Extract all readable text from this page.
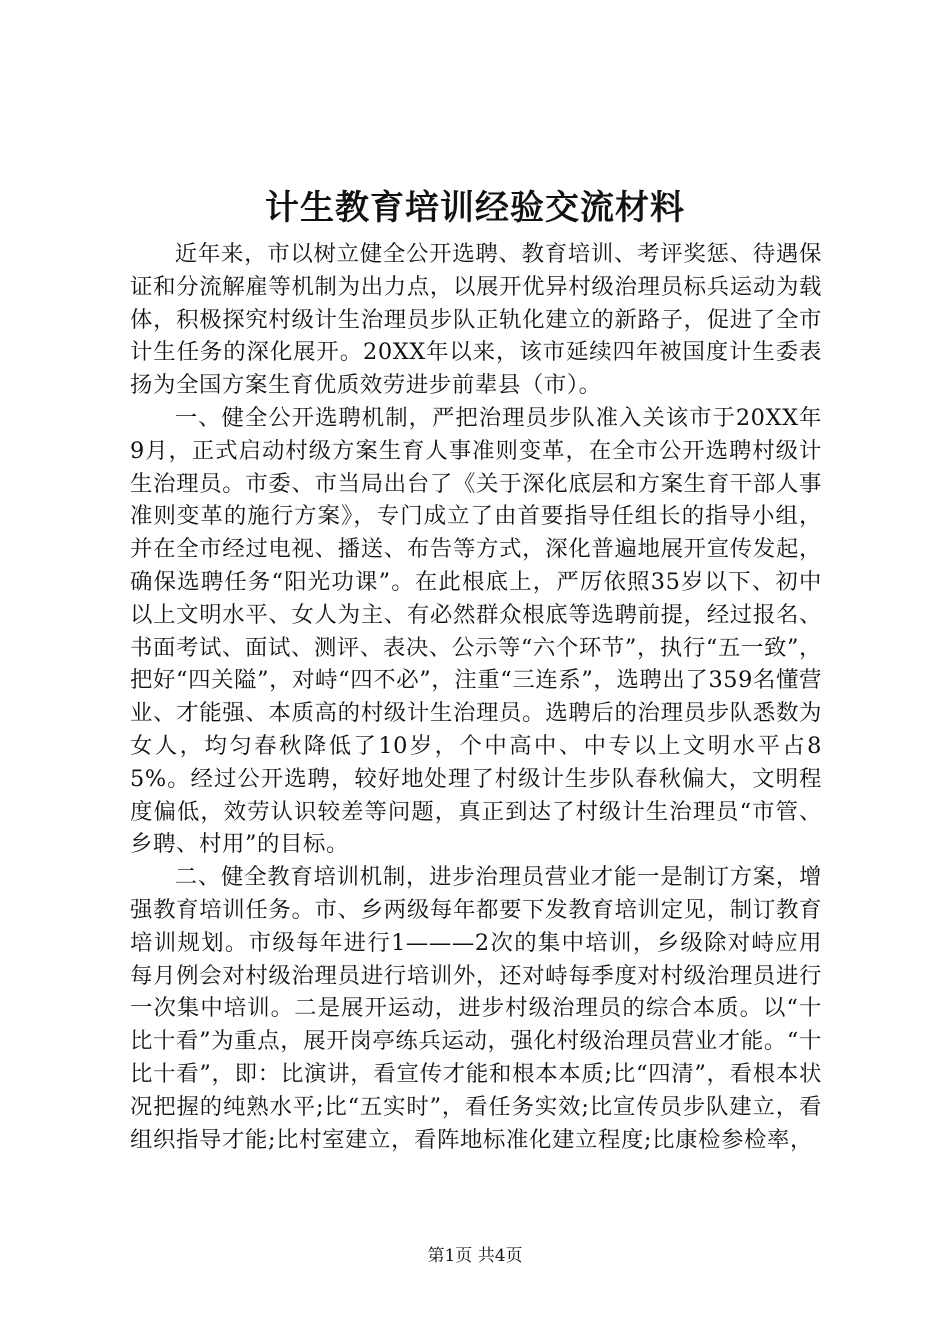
计生教育培训经验交流材料

近年来，市以树立健全公开选聘、教育培训、考评奖惩、待遇保证和分流解雇等机制为出力点，以展开优异村级治理员标兵运动为载体，积极探究村级计生治理员步队正轨化建立的新路子，促进了全市计生任务的深化展开。20XX年以来，该市延续四年被国度计生委表扬为全国方案生育优质效劳进步前辈县（市）。

一、健全公开选聘机制，严把治理员步队准入关该市于20XX年9月，正式启动村级方案生育人事准则变革，在全市公开选聘村级计生治理员。市委、市当局出台了《关于深化底层和方案生育干部人事准则变革的施行方案》，专门成立了由首要指导任组长的指导小组，并在全市经过电视、播送、布告等方式，深化普遍地展开宣传发起，确保选聘任务“阳光功课”。在此根底上，严厉依照35岁以下、初中以上文明水平、女人为主、有必然群众根底等选聘前提，经过报名、书面考试、面试、测评、表决、公示等“六个环节”，执行“五一致”，把好“四关隘”，对峙“四不必”，注重“三连系”，选聘出了359名懂营业、才能强、本质高的村级计生治理员。选聘后的治理员步队悉数为女人，均匀春秋降低了10岁，个中高中、中专以上文明水平占85%。经过公开选聘，较好地处理了村级计生步队春秋偏大，文明程度偏低，效劳认识较差等问题，真正到达了村级计生治理员“市管、乡聘、村用”的目标。

二、健全教育培训机制，进步治理员营业才能一是制订方案，增强教育培训任务。市、乡两级每年都要下发教育培训定见，制订教育培训规划。市级每年进行1———2次的集中培训，乡级除对峙应用每月例会对村级治理员进行培训外，还对峙每季度对村级治理员进行一次集中培训。二是展开运动，进步村级治理员的综合本质。以“十比十看”为重点，展开岗亭练兵运动，强化村级治理员营业才能。“十比十看”，即：比演讲，看宣传才能和根本本质;比“四清”，看根本状况把握的纯熟水平;比“五实时”，看任务实效;比宣传员步队建立，看组织指导才能;比村室建立，看阵地标准化建立程度;比康检参检率，

第1页 共4页
